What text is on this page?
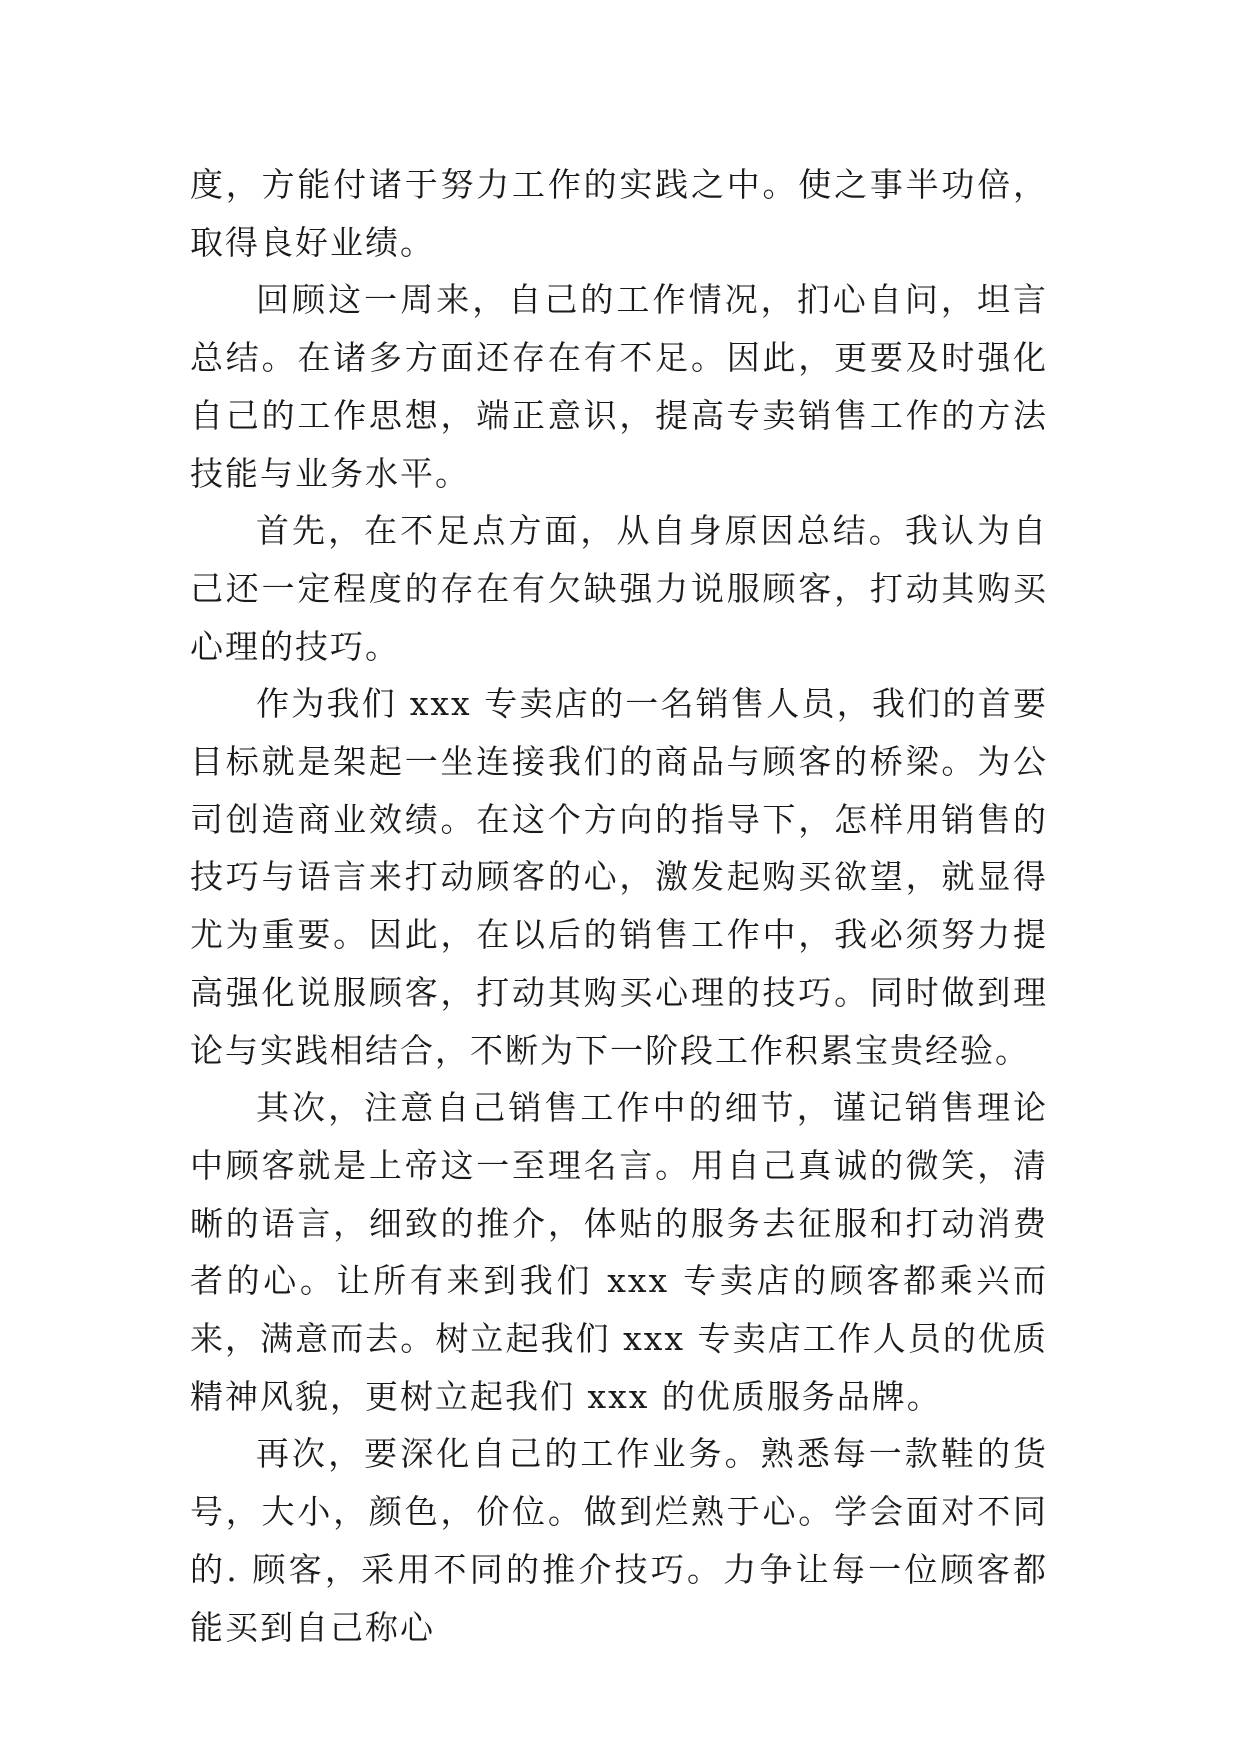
度，方能付诸于努力工作的实践之中。使之事半功倍，取得良好业绩。

回顾这一周来，自己的工作情况，扪心自问，坦言总结。在诸多方面还存在有不足。因此，更要及时强化自己的工作思想，端正意识，提高专卖销售工作的方法技能与业务水平。

首先，在不足点方面，从自身原因总结。我认为自己还一定程度的存在有欠缺强力说服顾客，打动其购买心理的技巧。

作为我们 xxx 专卖店的一名销售人员，我们的首要目标就是架起一坐连接我们的商品与顾客的桥梁。为公司创造商业效绩。在这个方向的指导下，怎样用销售的技巧与语言来打动顾客的心，激发起购买欲望，就显得尤为重要。因此，在以后的销售工作中，我必须努力提高强化说服顾客，打动其购买心理的技巧。同时做到理论与实践相结合，不断为下一阶段工作积累宝贵经验。

其次，注意自己销售工作中的细节，谨记销售理论中顾客就是上帝这一至理名言。用自己真诚的微笑，清晰的语言，细致的推介，体贴的服务去征服和打动消费者的心。让所有来到我们 xxx 专卖店的顾客都乘兴而来，满意而去。树立起我们 xxx 专卖店工作人员的优质精神风貌，更树立起我们 xxx 的优质服务品牌。

再次，要深化自己的工作业务。熟悉每一款鞋的货号，大小，颜色，价位。做到烂熟于心。学会面对不同的. 顾客，采用不同的推介技巧。力争让每一位顾客都能买到自己称心
